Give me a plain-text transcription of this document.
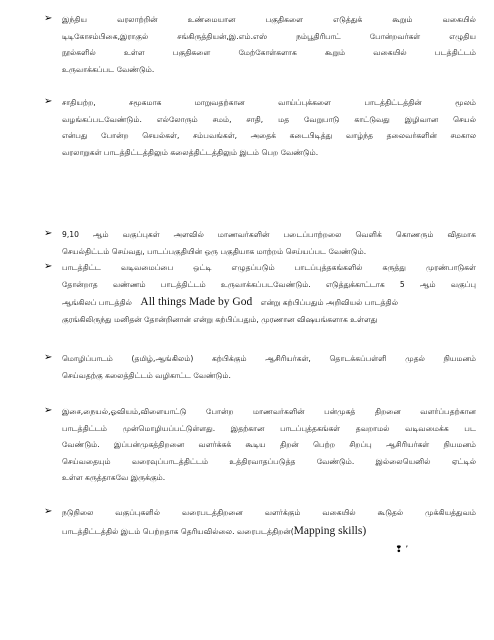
➢ இந்திய வரலாற்றின் உண்மையான பகுதிகளை எடுத்துக் கூறும் வகையில்
டிடிகோசம்பிகை,இராகுல் சங்கிருத்தியன்,இ.எம்.எஸ் நம்பூதிரிபாட் போன்றவர்கள் எழுதிய
நூல்களில் உள்ள பகுதிகளை மேற்கோள்களாக கூறும் வகையில் படத்திட்டம்
உருவாக்கப்பட வேண்டும்.
➢ சாதியற்ற, சமூகமாக மாறுவதற்கான வாய்ப்புக்களை பாடத்திட்டத்தின் மூலம்
வழங்கப்படவேண்டும். எல்லோரும் சமம், சாதி, மத வேறுபாடு காட்டுவது இழிவான செயல்
என்பது போன்ற செயல்கள், சம்பவங்கள், அதைக் கடைபிடித்து வாழ்ந்த தலைவர்களின் சமகால
வரலாறுகள் பாடத்திட்டத்திலும் கலைத்திட்டத்திலும் இடம் பெற வேண்டும்.
➢ 9,10 ஆம் வகுப்புகள் அளவில் மாணவர்களின் படைப்பாற்றலை வெளிக் கொணரும் விதமாக
செயல்திட்டம் செய்வது, பாடப்பகுதியின் ஒரு பகுதியாக மாற்றம் செய்யப்பட வேண்டும்.
➢ பாடத்திட்ட வடிவமைப்பை ஒட்டி எழுதப்படும் பாடப்புத்தகங்களில் கருத்து முரண்பாடுகள்
தோன்றாத வண்ணம் பாடத்திட்டம் உருவாக்கப்படவேண்டும். எடுத்துக்காட்டாக 5 ஆம் வகுப்பு
ஆங்கிலப் பாடத்தில் All things Made by God என்று கற்பிப்பதும் அறிவியல் பாடத்தில்
குரங்கிலிருந்து மனிதன் தோன்றினான் என்று கற்பிப்பதும், முரணான விஷயங்களாக உள்ளது
➢ மொழிப்பாடம் (தமிழ்,ஆங்கிலம்) கற்பிக்கும் ஆசிரியர்கள், தொடக்கப்பள்ளி முதல் நியமனம்
செய்வதற்கு கலைத்திட்டம் வழிகாட்ட வேண்டும்.
➢ இசை,நையல்,ஓவியம்,விளையாட்டு போன்ற மாணவர்களின் பன்முகத் திறனை வளர்ப்பதற்கான
பாடத்திட்டம் முன்மொழியப்பட்டுள்ளது. இதற்கான பாடப்புத்தகங்கள் தவறாமல் வடிவமைக்க பட
வேண்டும். இப்பன்முகத்திறனை வளர்க்கக் கூடிய திறன் பெற்ற சிறப்பு ஆசிரியர்கள் நியமனம்
செய்வதையும் வரைவுப்பாடத்திட்டம் உத்திரவாதப்படுத்த வேண்டும். இல்லையெனில் ஏட்டில்
உள்ள கருத்தாகவே இருக்கும்.
➢ நடுநிலை வகுப்புகளில் வரைபடத்திறனை வளர்க்கும் வகையில் கூடுதல் முக்கியத்துவம்
பாடத்திட்டத்தில் இடம் பெற்றதாக தெரியவில்லை. வரைபடத்திறன்(Mapping skills)
❢ ʼ
